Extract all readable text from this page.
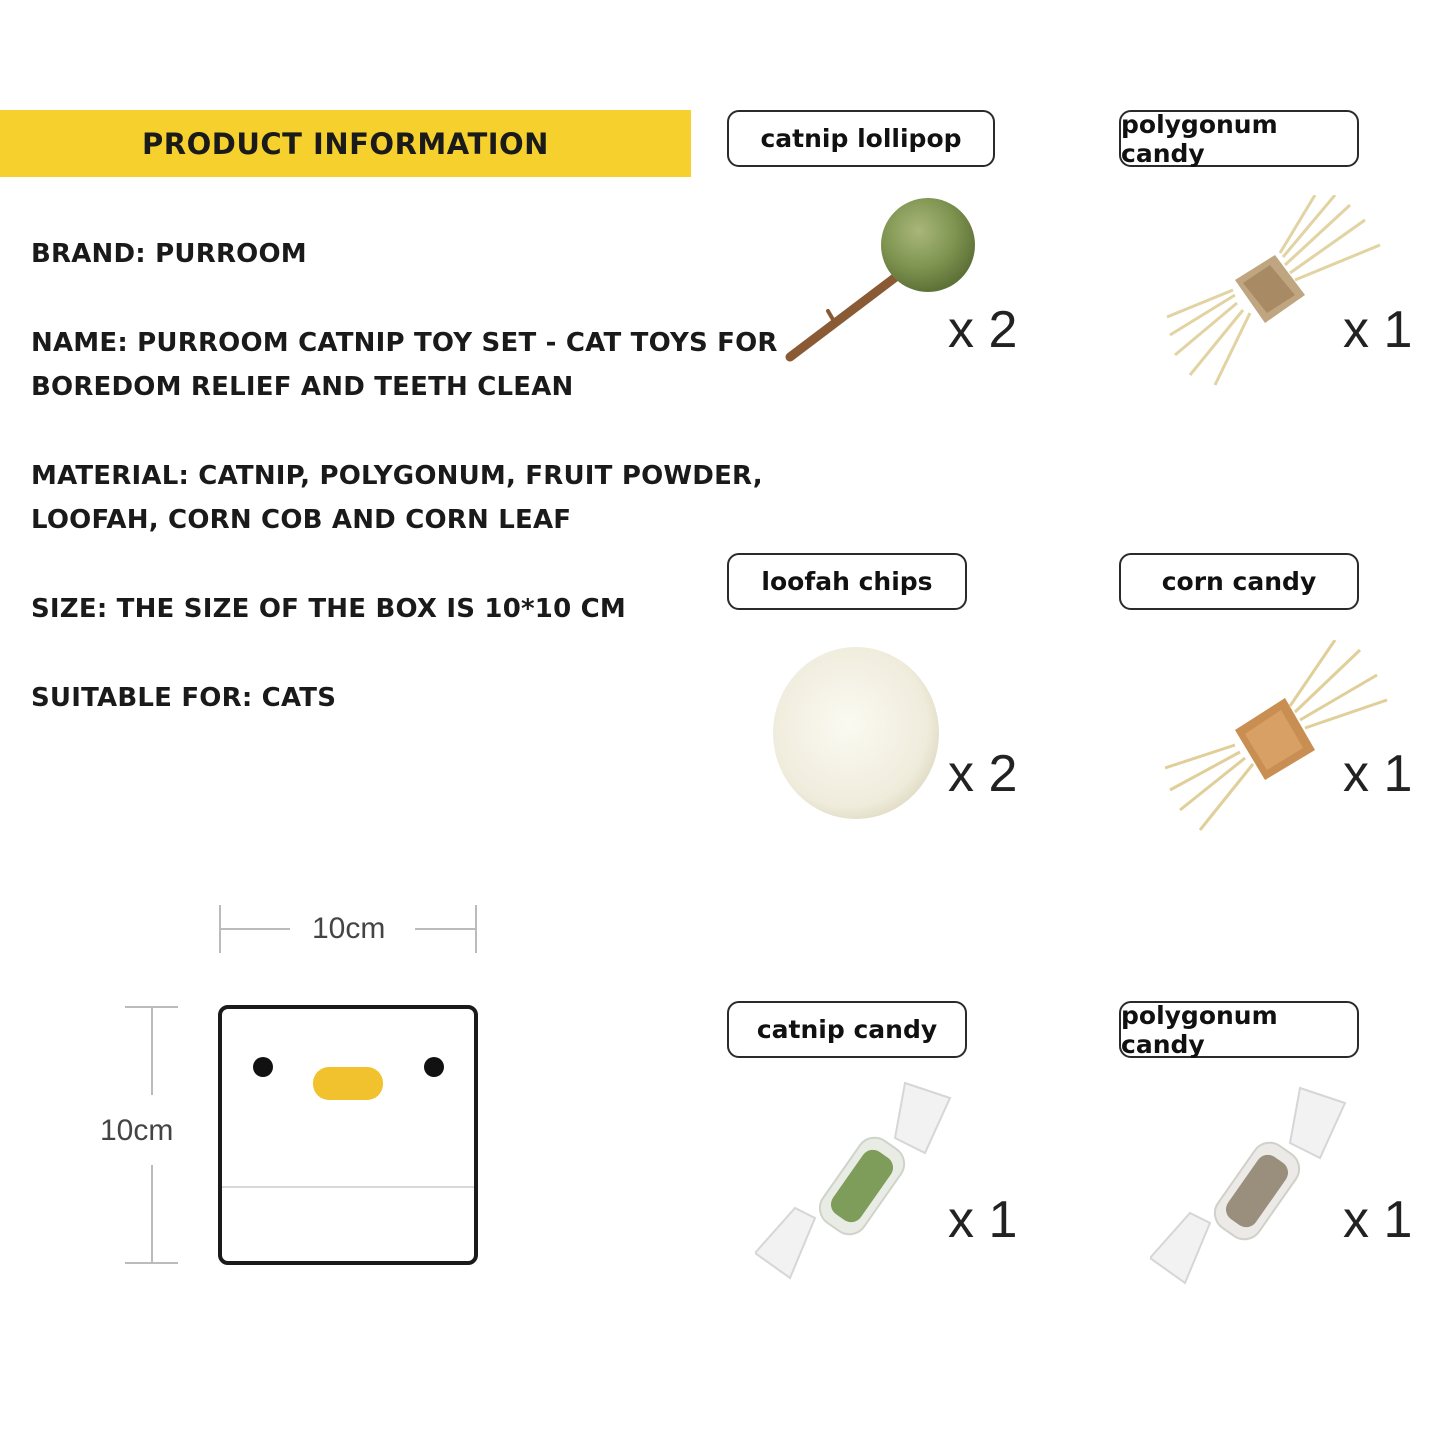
PRODUCT INFORMATION
BRAND: PURROOM
NAME: PURROOM CATNIP TOY SET - CAT TOYS FOR
BOREDOM RELIEF AND TEETH CLEAN
MATERIAL: CATNIP, POLYGONUM, FRUIT POWDER,
LOOFAH, CORN COB AND CORN LEAF
SIZE: THE SIZE OF THE BOX IS 10*10 CM
SUITABLE FOR: CATS
catnip lollipop	polygonum candy
loofah chips	corn candy
catnip candy	polygonum candy
x 2	x 1
x 2	x 1
x 1	x 1
10cm
10cm
